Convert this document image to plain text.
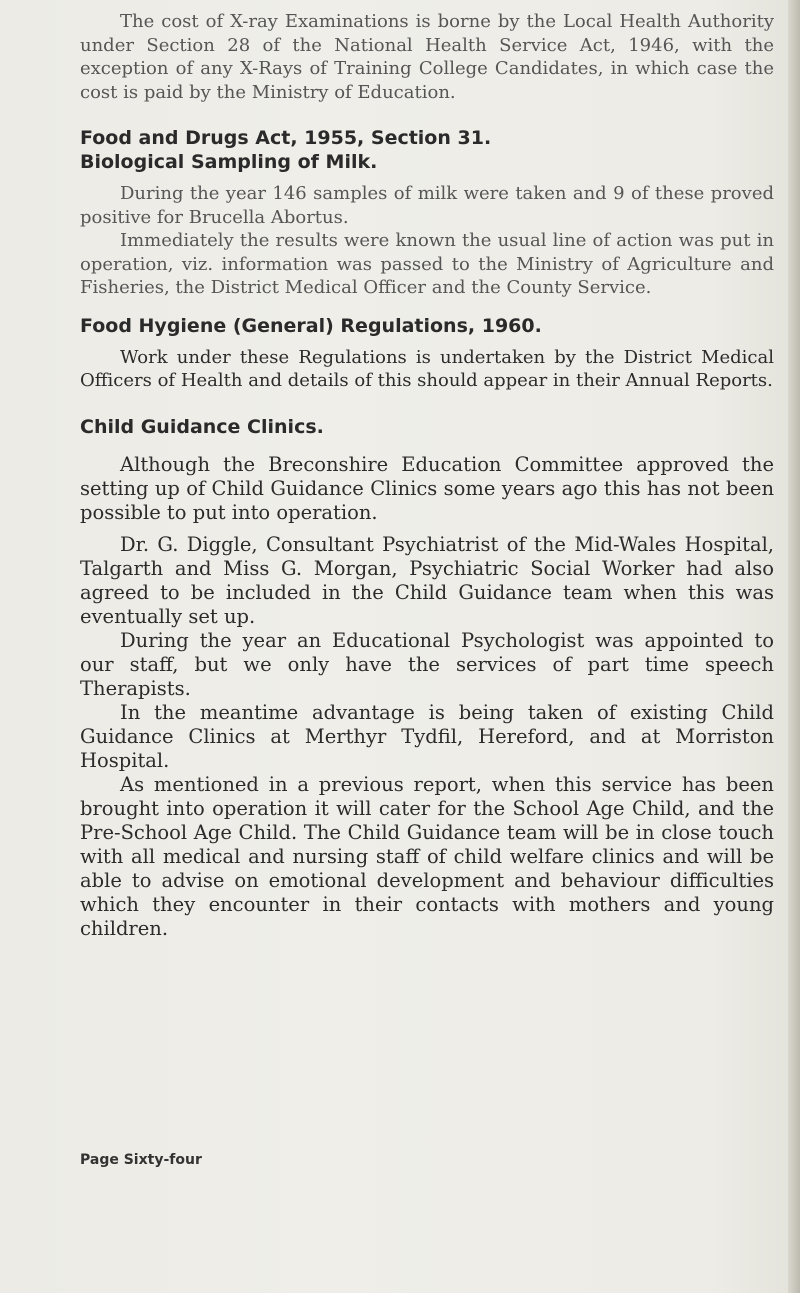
The cost of X-ray Examinations is borne by the Local Health Authority under Section 28 of the National Health Service Act, 1946, with the exception of any X-Rays of Training College Candidates, in which case the cost is paid by the Ministry of Education.

Food and Drugs Act, 1955, Section 31.
Biological Sampling of Milk.

During the year 146 samples of milk were taken and 9 of these proved positive for Brucella Abortus.

Immediately the results were known the usual line of action was put in operation, viz. information was passed to the Ministry of Agriculture and Fisheries, the District Medical Officer and the County Service.

Food Hygiene (General) Regulations, 1960.

Work under these Regulations is undertaken by the District Medical Officers of Health and details of this should appear in their Annual Reports.

Child Guidance Clinics.

Although the Breconshire Education Committee approved the setting up of Child Guidance Clinics some years ago this has not been possible to put into operation.

Dr. G. Diggle, Consultant Psychiatrist of the Mid-Wales Hospital, Talgarth and Miss G. Morgan, Psychiatric Social Worker had also agreed to be included in the Child Guidance team when this was eventually set up.

During the year an Educational Psychologist was appointed to our staff, but we only have the services of part time speech Therapists.

In the meantime advantage is being taken of existing Child Guidance Clinics at Merthyr Tydfil, Hereford, and at Morriston Hospital.

As mentioned in a previous report, when this service has been brought into operation it will cater for the School Age Child, and the Pre-School Age Child. The Child Guidance team will be in close touch with all medical and nursing staff of child welfare clinics and will be able to advise on emotional development and behaviour difficulties which they encounter in their contacts with mothers and young children.

Page Sixty-four
